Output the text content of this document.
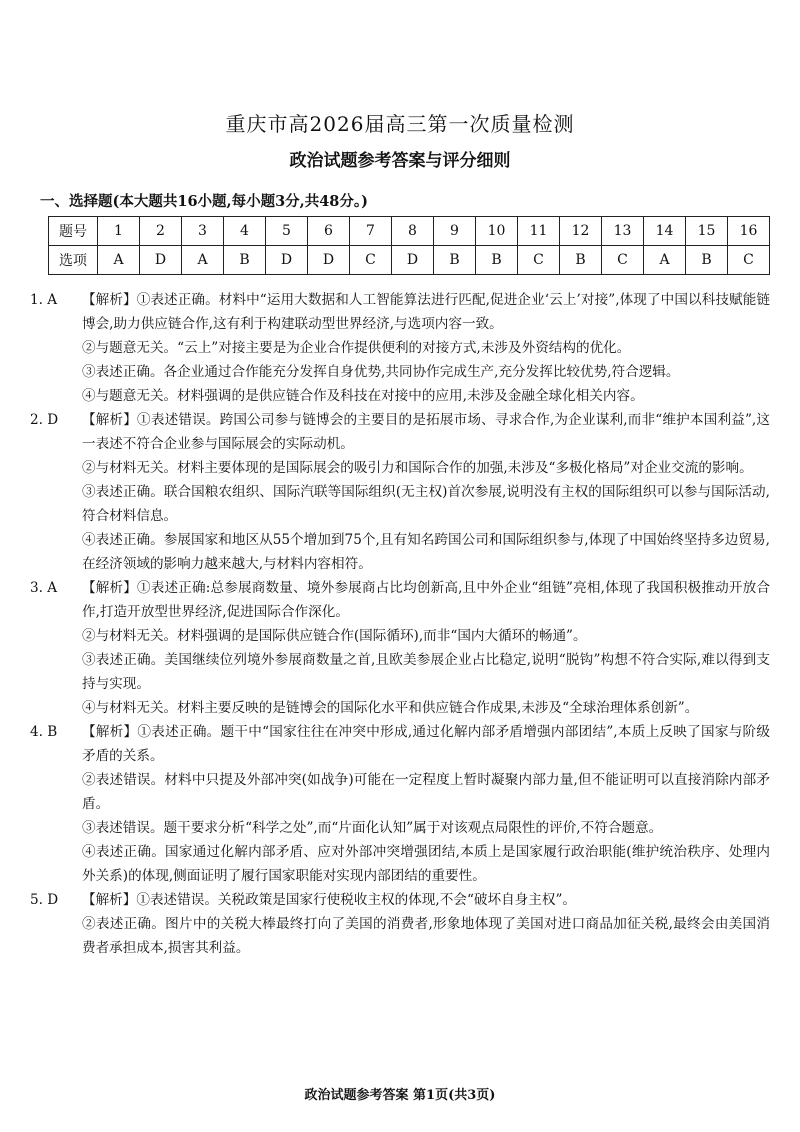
重庆市高2026届高三第一次质量检测
政治试题参考答案与评分细则
一、选择题(本大题共16小题,每小题3分,共48分。)
题号	1	2	3	4	5	6	7	8	9	10	11	12	13	14	15	16
选项	A	D	A	B	D	D	C	D	B	B	C	B	C	A	B	C
1. A	【解析】①表述正确。材料中“运用大数据和人工智能算法进行匹配,促进企业‘云上’对接”,体现了中国以科技赋能链博会,助力供应链合作,这有利于构建联动型世界经济,与选项内容一致。

②与题意无关。“云上”对接主要是为企业合作提供便利的对接方式,未涉及外资结构的优化。

③表述正确。各企业通过合作能充分发挥自身优势,共同协作完成生产,充分发挥比较优势,符合逻辑。

④与题意无关。材料强调的是供应链合作及科技在对接中的应用,未涉及金融全球化相关内容。

2. D	【解析】①表述错误。跨国公司参与链博会的主要目的是拓展市场、寻求合作,为企业谋利,而非“维护本国利益”,这一表述不符合企业参与国际展会的实际动机。

②与材料无关。材料主要体现的是国际展会的吸引力和国际合作的加强,未涉及“多极化格局”对企业交流的影响。

③表述正确。联合国粮农组织、国际汽联等国际组织(无主权)首次参展,说明没有主权的国际组织可以参与国际活动,符合材料信息。

④表述正确。参展国家和地区从55个增加到75个,且有知名跨国公司和国际组织参与,体现了中国始终坚持多边贸易,在经济领域的影响力越来越大,与材料内容相符。

3. A	【解析】①表述正确:总参展商数量、境外参展商占比均创新高,且中外企业“组链”亮相,体现了我国积极推动开放合作,打造开放型世界经济,促进国际合作深化。

②与材料无关。材料强调的是国际供应链合作(国际循环),而非“国内大循环的畅通”。

③表述正确。美国继续位列境外参展商数量之首,且欧美参展企业占比稳定,说明“脱钩”构想不符合实际,难以得到支持与实现。

④与材料无关。材料主要反映的是链博会的国际化水平和供应链合作成果,未涉及“全球治理体系创新”。

4. B	【解析】①表述正确。题干中“国家往往在冲突中形成,通过化解内部矛盾增强内部团结”,本质上反映了国家与阶级矛盾的关系。

②表述错误。材料中只提及外部冲突(如战争)可能在一定程度上暂时凝聚内部力量,但不能证明可以直接消除内部矛盾。

③表述错误。题干要求分析“科学之处”,而“片面化认知”属于对该观点局限性的评价,不符合题意。

④表述正确。国家通过化解内部矛盾、应对外部冲突增强团结,本质上是国家履行政治职能(维护统治秩序、处理内外关系)的体现,侧面证明了履行国家职能对实现内部团结的重要性。

5. D	【解析】①表述错误。关税政策是国家行使税收主权的体现,不会“破坏自身主权”。

②表述正确。图片中的关税大棒最终打向了美国的消费者,形象地体现了美国对进口商品加征关税,最终会由美国消费者承担成本,损害其利益。

政治试题参考答案 第1页(共3页)
